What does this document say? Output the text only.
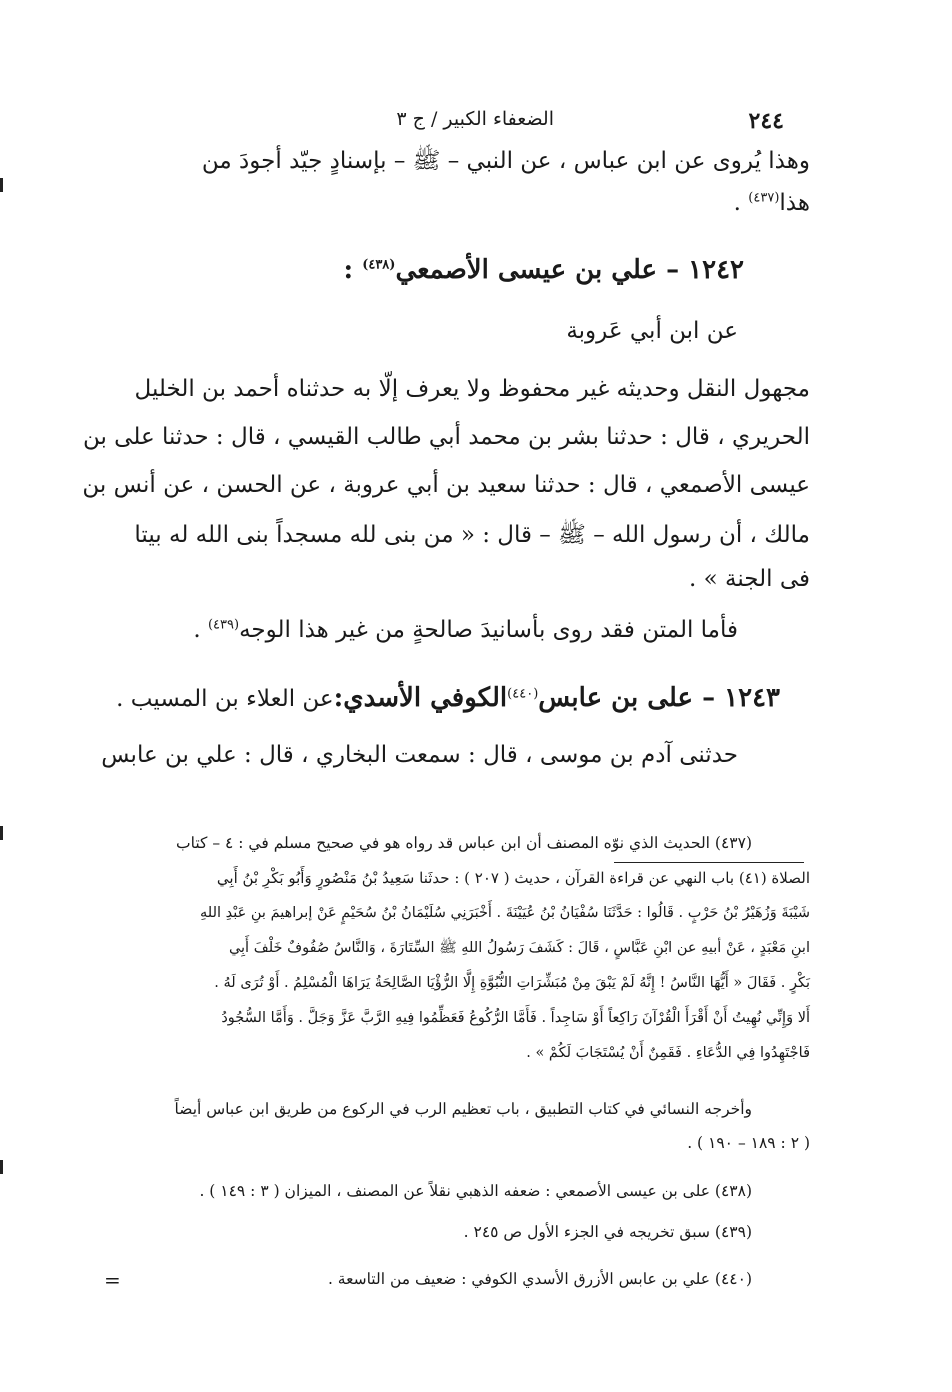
٢٤٤
الضعفاء الكبير / ج ٣
وهذا يُروى عن ابن عباس ، عن النبي – ﷺ – بإسنادٍ جيّد أجودَ من
هذا$^{(٤٣٧)}$ .
١٢٤٢ – علي بن عيسى الأصمعي$^{(٤٣٨)}$ :
عن ابن أبي عَروبة
مجهول النقل وحديثه غير محفوظ ولا يعرف إلّا به حدثناه أحمد بن الخليل
الحريري ، قال : حدثنا بشر بن محمد أبي طالب القيسي ، قال : حدثنا على بن
عيسى الأصمعي ، قال : حدثنا سعيد بن أبي عروبة ، عن الحسن ، عن أنس بن
مالك ، أن رسول الله – ﷺ – قال : « من بنى لله مسجداً بنى الله له بيتا
فى الجنة » .
فأما المتن فقد روى بأسانيدَ صالحةٍ من غير هذا الوجه$^{(٤٣٩)}$ .
١٢٤٣ – على بن عابس$^{(٤٤٠)}$الكوفي الأسدي:عن العلاء بن المسيب .
حدثنى آدم بن موسى ، قال : سمعت البخاري ، قال : علي بن عابس
(٤٣٧) الحديث الذي نوّه المصنف أن ابن عباس قد رواه هو في صحيح مسلم في : ٤ – كتاب
الصلاة (٤١) باب النهي عن قراءة القرآن ، حديث ( ٢٠٧ ) : حدثَنا سَعِيدُ بْنُ مَنْصُورٍ وَأَبُو بَكْرِ بْنُ أَبِي
شَيْبَةَ وَزُهَيْرُ بْنُ حَرْبٍ . قَالُوا : حَدَّثَنَا سُفْيَانُ بْنُ عُيَيْنَةَ . أَخْبَرَنِي سُلَيْمَانُ بْنُ سُحَيْمٍ عَنْ إبراهيمَ بنِ عَبْدِ اللهِ
ابنِ مَعْبَدٍ ، عَنْ أبيهِ عن ابْنِ عَبَّاسٍ ، قَالَ : كَشَفَ رَسُولُ اللهِ ﷺ السِّتَارَةَ ، وَالنَّاسُ صُفُوفٌ خَلْفَ أَبِي
بَكْرٍ . فَقَالَ « أَيُّهَا النَّاسُ ! إِنَّهُ لَمْ يَبْقَ مِنْ مُبَشِّرَاتِ النُّبُوَّةِ إِلَّا الرُّؤْيَا الصَّالِحَةُ يَرَاهَا الْمُسْلِمُ . أَوْ تُرَى لَهُ .
أَلا وَإِنِّي نُهِيتُ أَنْ أَقْرَأَ الْقُرْآنَ رَاكِعاً أَوْ سَاجِداً . فَأَمَّا الرُّكُوعُ فَعَظِّمُوا فِيهِ الرَّبَّ عَزَّ وَجَلَّ . وَأَمَّا السُّجُودُ
فَاجْتَهِدُوا فِي الدُّعَاءِ . فَقَمِنٌ أَنْ يُسْتَجَابَ لَكُمْ » .
وأخرجه النسائي في كتاب التطبيق ، باب تعظيم الرب في الركوع من طريق ابن عباس أيضاً
( ٢ : ١٨٩ – ١٩٠ ) .
(٤٣٨) على بن عيسى الأصمعي : ضعفه الذهبي نقلاً عن المصنف ، الميزان ( ٣ : ١٤٩ ) .
(٤٣٩) سبق تخريجه في الجزء الأول ص ٢٤٥ .
(٤٤٠) علي بن عابس الأزرق الأسدي الكوفي : ضعيف من التاسعة .
=
